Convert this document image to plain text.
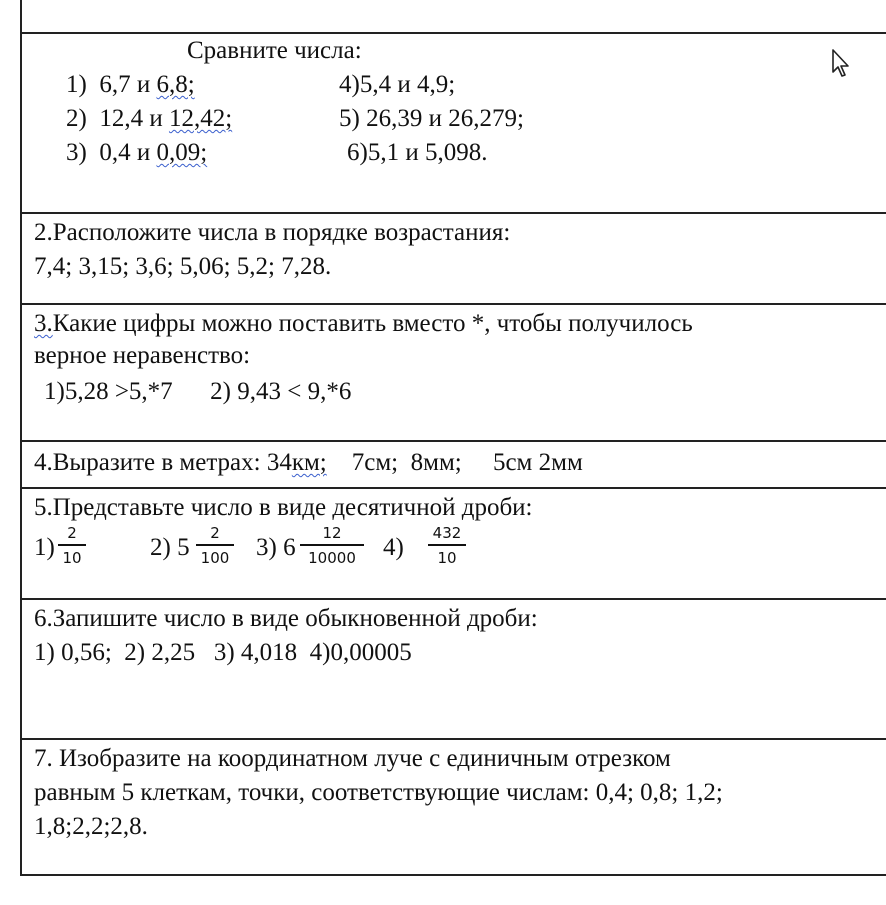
Сравните числа:
1)  6,7 и 6,8;
2)  12,4 и 12,42;
3)  0,4 и 0,09;
4)5,4 и 4,9;
5) 26,39 и 26,279;
6)5,1 и 5,098.
2.Расположите числа в порядке возрастания:
7,4; 3,15; 3,6; 5,06; 5,2; 7,28.
3.Какие цифры можно поставить вместо *, чтобы получилось
верное неравенство:
1)5,28 >5,*7      2) 9,43 < 9,*6
4.Выразите в метрах: 34км;    7см;  8мм;     5см 2мм
5.Представьте число в виде десятичной дроби:
1)
2
10	2) 5
2
100 3) 6
12
10000	4)
432
10
6.Запишите число в виде обыкновенной дроби:
1) 0,56;  2) 2,25   3) 4,018  4)0,00005
7. Изобразите на координатном луче с единичным отрезком
равным 5 клеткам, точки, соответствующие числам: 0,4; 0,8; 1,2;
1,8;2,2;2,8.
